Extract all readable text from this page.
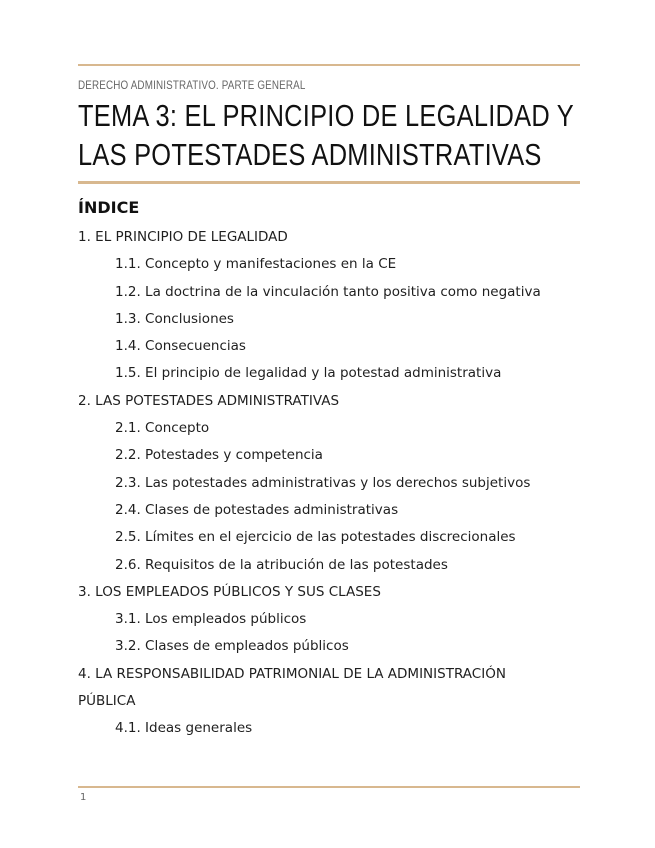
DERECHO ADMINISTRATIVO. PARTE GENERAL
TEMA 3: EL PRINCIPIO DE LEGALIDAD Y LAS POTESTADES ADMINISTRATIVAS
ÍNDICE
1. EL PRINCIPIO DE LEGALIDAD
1.1. Concepto y manifestaciones en la CE
1.2. La doctrina de la vinculación tanto positiva como negativa
1.3. Conclusiones
1.4. Consecuencias
1.5. El principio de legalidad y la potestad administrativa
2. LAS POTESTADES ADMINISTRATIVAS
2.1. Concepto
2.2. Potestades y competencia
2.3. Las potestades administrativas y los derechos subjetivos
2.4. Clases de potestades administrativas
2.5. Límites en el ejercicio de las potestades discrecionales
2.6. Requisitos de la atribución de las potestades
3. LOS EMPLEADOS PÚBLICOS Y SUS CLASES
3.1. Los empleados públicos
3.2. Clases de empleados públicos
4. LA RESPONSABILIDAD PATRIMONIAL DE LA ADMINISTRACIÓN PÚBLICA
4.1. Ideas generales
1
